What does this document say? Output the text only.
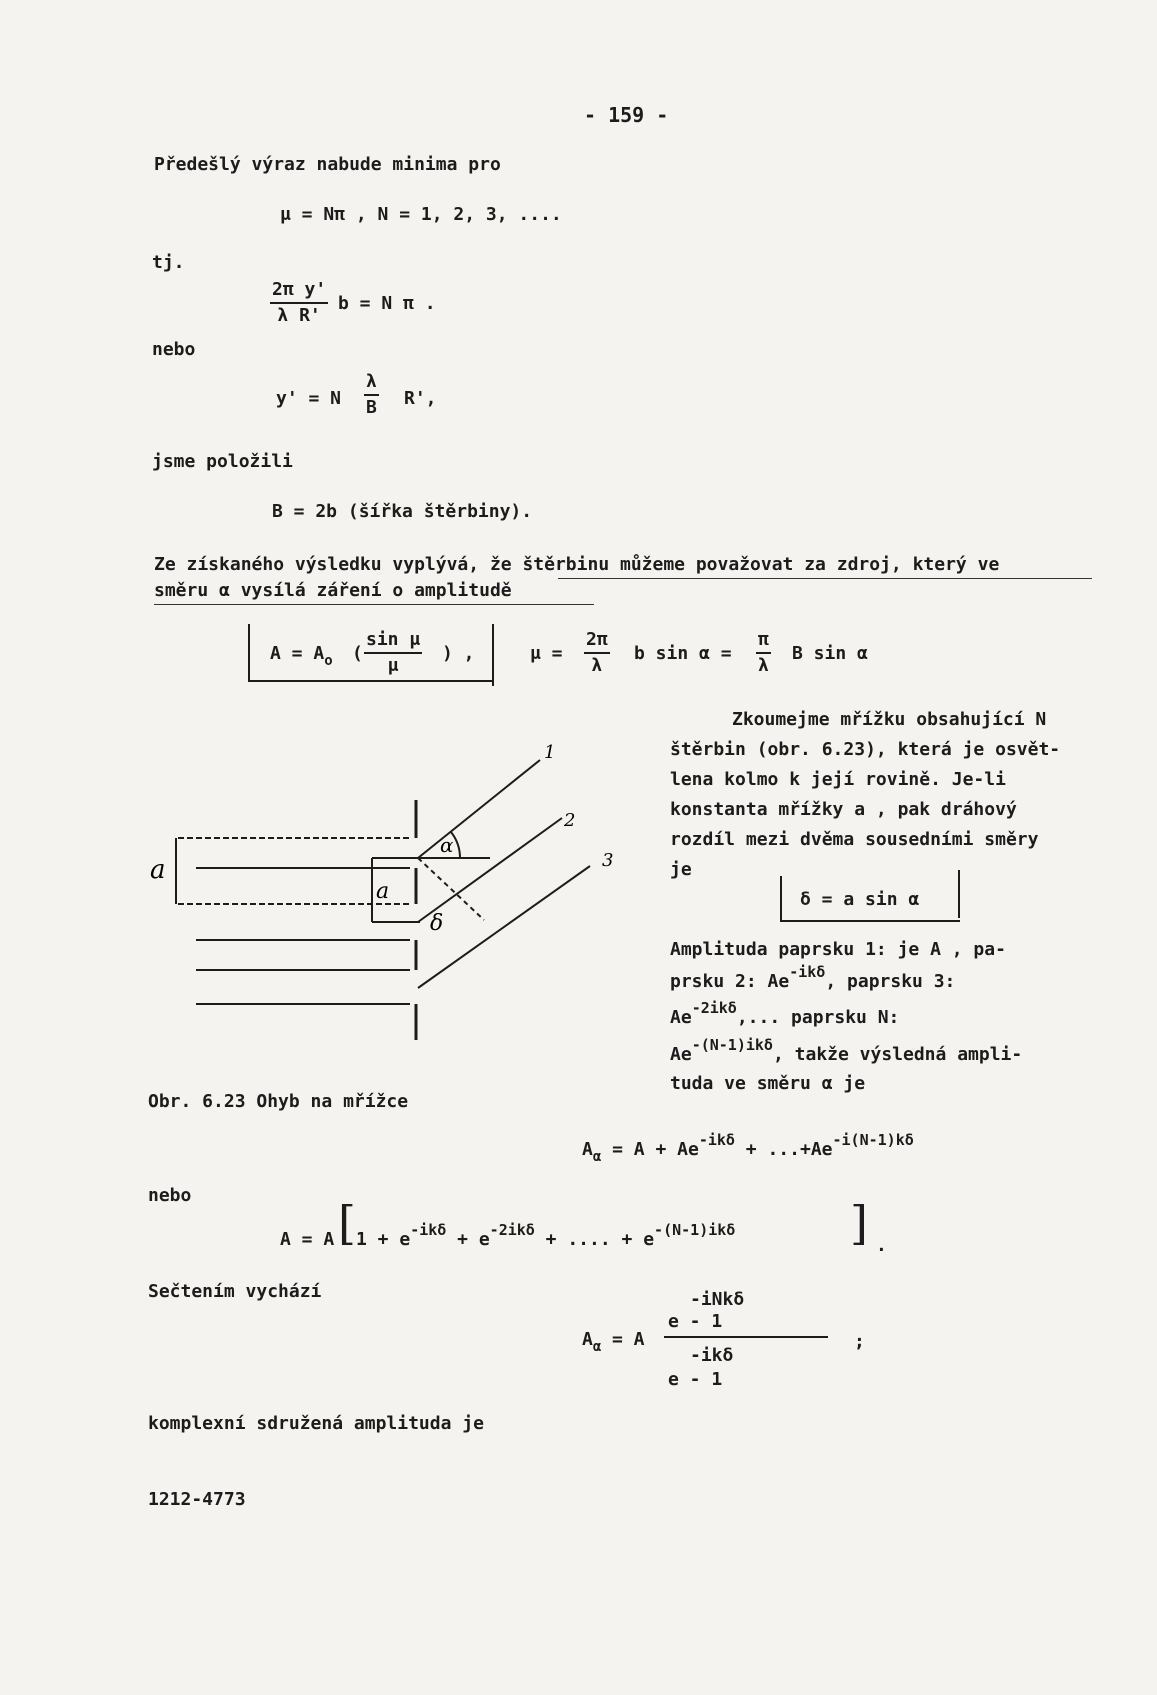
- 159 -
Předešlý výraz nabude minima pro
μ = Nπ , N = 1, 2, 3, ....
tj.
$\frac{\text{2π y'}}{\text{λ R'}}$ b = N π .
nebo
y' = N $\frac{\lambda}{B} R'$,
jsme položili
B = 2b (šířka štěrbiny).
Ze získaného výsledku vyplývá, že štěrbinu můžeme považovat za zdroj, který ve
směru α vysílá záření o amplitudě
$A = A_o$ ( $\frac{\text{sin μ}}{\mu}$ ) ,	$\mu = \frac{2\pi}{\lambda}$ b $\sin \alpha = \frac{\pi}{\lambda}$ B sin α
Zkoumejme mřížku obsahující N
štěrbin (obr. 6.23), která je osvět-
lena kolmo k její rovině. Je-li
konstanta mřížky a , pak dráhový
rozdíl mezi dvěma sousedními směry
je
δ = a sin α
Amplituda paprsku 1: je A , pa-
prsku 2: $Ae^{-ik\delta}$, paprsku 3:
$Ae^{-2ik\delta}$,... paprsku N:
$Ae^{-(N-1)ik\delta}$, takže výsledná ampli-
tuda ve směru α je
a
a
α
δ
1
2
3
Obr. 6.23 Ohyb na mřížce
$A_\alpha = A + Ae^{-ik\delta} + ...+Ae^{-i(N-1)k\delta}$
nebo
A = A [ $1 + e^{-ik\delta} + e^{-2ik\delta}$ + .... + $e^{-(N-1)ik\delta}$ ] .
Sečtením vychází
$A_\alpha = A$
-iNkδ
e - 1
-ikδ
e - 1
;
komplexní sdružená amplituda je
1212-4773
